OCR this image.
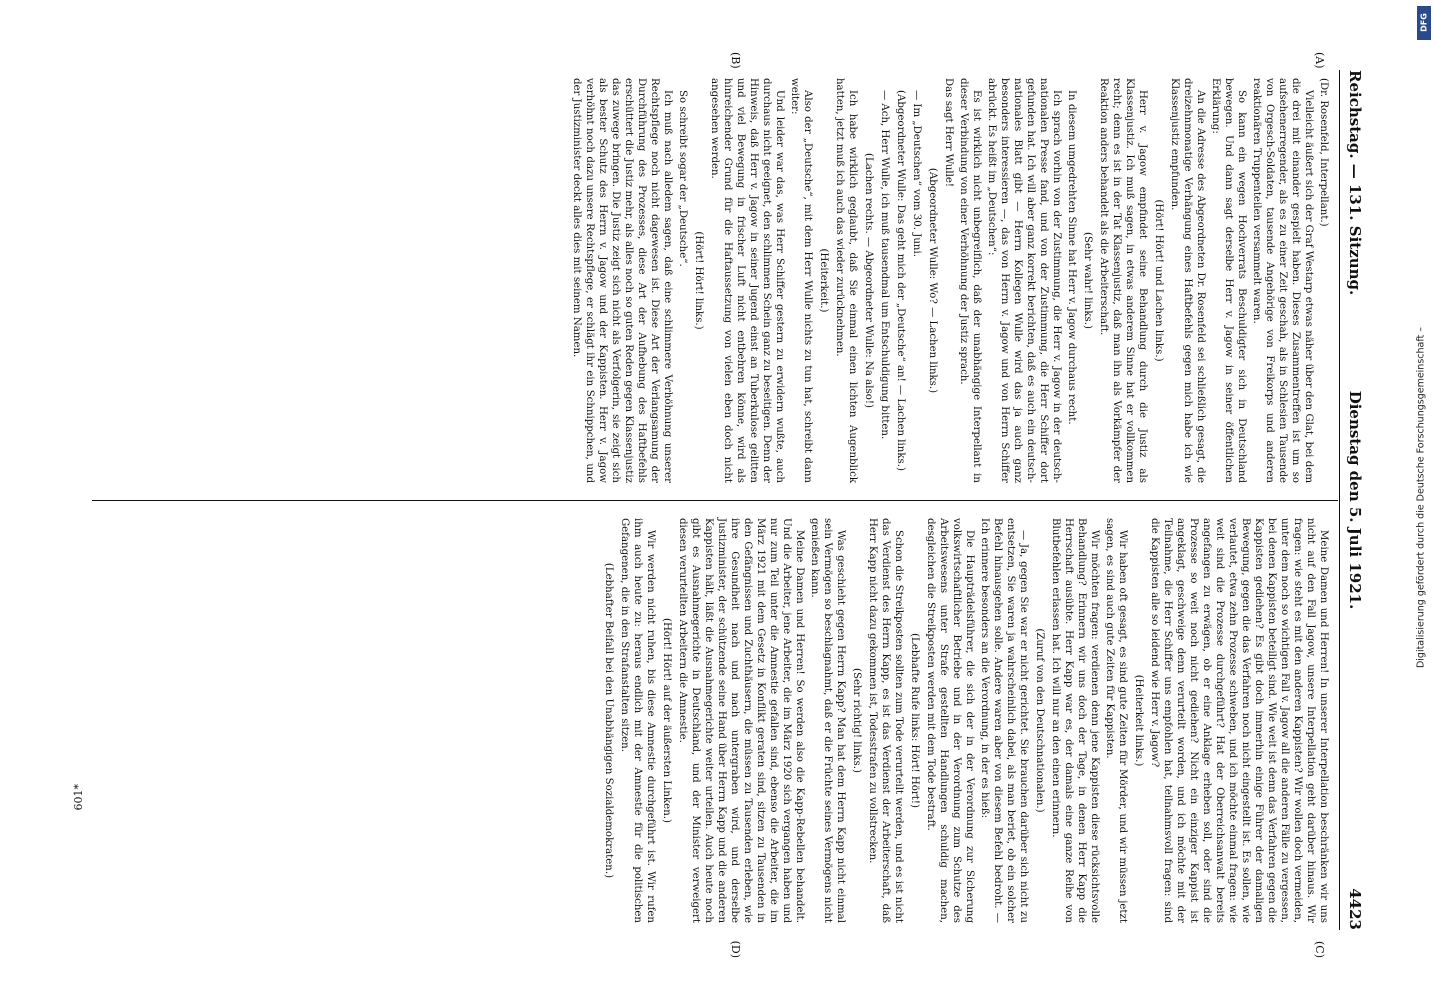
Reichstag. — 131. Sitzung.
Dienstag den 5. Juli 1921.
4423
(A)
(B)
(C)
(D)

(Dr. Rosenfeld, Interpellant.)

Vielleicht äußert sich der Graf Westarp etwas näher über den Glat, bei dem die drei mit einander gespielt haben. Dieses Zusammentreffen ist um so aufsehenerregender, als es zu einer Zeit geschah, als in Schlesien Tausende von Orgesch-Soldaten, tausende Angehörige von Freikorps und anderen reaktionären Truppenteilen versammelt waren.

So kann ein wegen Hochverrats Beschuldigter sich in Deutschland bewegen. Und dann sagt derselbe Herr v. Jagow in seiner öffentlichen Erklärung:

An die Adresse des Abgeordneten Dr. Rosenfeld sei schließlich gesagt, die dreizehnmonatige Verhängung eines Haftbefehls gegen mich habe ich wie Klassenjustiz empfunden.

(Hört! Hört! und Lachen links.)

Herr v. Jagow empfindet seine Behandlung durch die Justiz als Klassenjustiz. Ich muß sagen, in etwas anderem Sinne hat er vollkommen recht; denn es ist in der Tat Klassenjustiz, daß man ihn als Vorkämpfer der Reaktion anders behandelt als die Arbeiterschaft.

(Sehr wahr! links.)

In diesem umgedrehten Sinne hat Herr v. Jagow durchaus recht.

Ich sprach vorhin von der Zustimmung, die Herr v. Jagow in der deutsch-nationalen Presse fand, und von der Zustimmung, die Herr Schiffer dort gefunden hat. Ich will aber ganz korrekt berichten, daß es auch ein deutsch-nationales Blatt gibt — Herrn Kollegen Wulle wird das ja auch ganz besonders interessieren —, das von Herrn v. Jagow und von Herrn Schiffer abrückt. Es heißt im „Deutschen“:

Es ist wirklich nicht unbegreiflich, daß der unabhängige Interpellant in dieser Verbindung von einer Verhöhnung der Justiz sprach.

Das sagt Herr Wulle!

(Abgeordneter Wulle: Wo? — Lachen links.)

— Im „Deutschen“ vom 30. Juni.

(Abgeordneter Wulle: Das geht mich der „Deutsche“ an! — Lachen links.)

— Ach, Herr Wulle, ich muß tausendmal um Entschuldigung bitten.

(Lachen rechts. — Abgeordneter Wulle: Na also!)

Ich habe wirklich geglaubt, daß Sie einmal einen lichten Augenblick hatten, jetzt muß ich auch das wieder zurücknehmen.

(Heiterkeit.)

Also der „Deutsche“, mit dem Herr Wulle nichts zu tun hat, schreibt dann weiter:

Und leider war das, was Herr Schiffer gestern zu erwidern wußte, auch durchaus nicht geeignet, den schlimmen Schein ganz zu beseitigen. Denn der Hinweis, daß Herr v. Jagow in seiner Jugend einst an Tuberkulose gelitten und viel Bewegung in frischer Luft nicht entbehren könne, wird als hinreichender Grund für die Haftaussetzung von vielen eben doch nicht angesehen werden.

(Hört! Hört! links.)

So schreibt sogar der „Deutsche“.

Ich muß nach alledem sagen, daß eine schlimmere Verhöhnung unserer Rechtspflege noch nicht dagewesen ist. Diese Art der Verlangsamung der Durchführung des Prozesses, diese Art der Aufhebung des Haftbefehls erschüttert die Justiz mehr, als alles noch so guten Reden gegen Klassenjustiz das zuwege bringen. Die Justiz zeigt sich nicht als Verfolgerin, sie zeigt sich als bester Schutz des Herrn v. Jagow und der Kappisten. Herr v. Jagow verhöhnt noch dazu unsere Rechtspflege, er schlägt ihr ein Schnippchen, und der Justizminister deckt alles dies mit seinem Namen.

Meine Damen und Herren! In unserer Interpellation beschränken wir uns nicht auf den Fall Jagow, unsere Interpellation geht darüber hinaus. Wir fragen: wie steht es mit den anderen Kappisten? Wir wollen doch vermeiden, unter dem noch so wichtigen Fall v. Jagow all die anderen Fälle zu vergessen, bei denen Kappisten beteiligt sind. Wie weit ist denn das Verfahren gegen die Kappisten gediehen? Es gibt doch immerhin einige Führer der damaligen Bewegung, gegen die das Verfahren noch nicht eingestellt ist. Es sollen, wie verlautet, etwa zehn Prozesse schweben, und ich möchte einmal fragen: wie weit sind die Prozesse durchgeführt? Hat der Oberreichsanwalt bereits angefangen zu erwägen, ob er eine Anklage erheben soll, oder sind die Prozesse so weit noch nicht gediehen? Nicht ein einziger Kappist ist angeklagt, geschweige denn verurteilt worden, und ich möchte mit der Teilnahme, die Herr Schiffer uns empfohlen hat, teilnahmsvoll fragen: sind die Kappisten alle so leidend wie Herr v. Jagow?

(Heiterkeit links.)

Wir haben oft gesagt, es sind gute Zeiten für Mörder, und wir müssen jetzt sagen, es sind auch gute Zeiten für Kappisten.

Wir möchten fragen: verdienen denn jene Kappisten diese rücksichtsvolle Behandlung? Erinnern wir uns doch der Tage, in denen Herr Kapp die Herrschaft ausübte. Herr Kapp war es, der damals eine ganze Reihe von Blutbefehlen erlassen hat. Ich will nur an den einen erinnern.

(Zuruf von den Deutschnationalen.)

— Ja, gegen Sie war er nicht gerichtet. Sie brauchen darüber sich nicht zu entsetzen, Sie waren ja wahrscheinlich dabei, als man beriet, ob ein solcher Befehl hinausgehen solle. Andere waren aber von diesem Befehl bedroht. — Ich erinnere besonders an die Verordnung, in der es hieß:

Die Haupträdelsführer, die sich der in der Verordnung zur Sicherung volkswirtschaftlicher Betriebe und in der Verordnung zum Schutze des Arbeitswesens unter Strafe gestellten Handlungen schuldig machen, desgleichen die Streikposten werden mit dem Tode bestraft.

(Lebhafte Rufe links: Hört! Hört!)

Schon die Streikposten sollten zum Tode verurteilt werden, und es ist nicht das Verdienst des Herrn Kapp, es ist das Verdienst der Arbeiterschaft, daß Herr Kapp nicht dazu gekommen ist, Todesstrafen zu vollstrecken.

(Sehr richtig! links.)

Was geschieht gegen Herrn Kapp? Man hat dem Herrn Kapp nicht einmal sein Vermögen so beschlagnahmt, daß er die Früchte seines Vermögens nicht genießen kann.

Meine Damen und Herren! So werden also die Kapp-Rebellen behandelt. Und die Arbeiter, jene Arbeiter, die im März 1920 sich vergangen haben und nur zum Teil unter die Amnestie gefallen sind, ebenso die Arbeiter, die im März 1921 mit dem Gesetz in Konflikt geraten sind, sitzen zu Tausenden in den Gefängnissen und Zuchthäusern, die müssen zu Tausenden erleben, wie ihre Gesundheit nach und nach untergraben wird, und derselbe Justizminister, der schützende seine Hand über Herrn Kapp und die anderen Kappisten hält, läßt die Ausnahmegerichte weiter urteilen. Auch heute noch gibt es Ausnahmegerichte in Deutschland, und der Minister verweigert diesen verurteilten Arbeitern die Amnestie.

(Hört! Hört! auf der äußersten Linken.)

Wir werden nicht ruhen, bis diese Amnestie durchgeführt ist. Wir rufen ihm auch heute zu: heraus endlich mit der Amnestie für die politischen Gefangenen, die in den Strafanstalten sitzen.

(Lebhafter Beifall bei den Unabhängigen Sozialdemokraten.)

601*
Digitalisierung gefördert durch die Deutsche Forschungsgemeinschaft –
DFG
